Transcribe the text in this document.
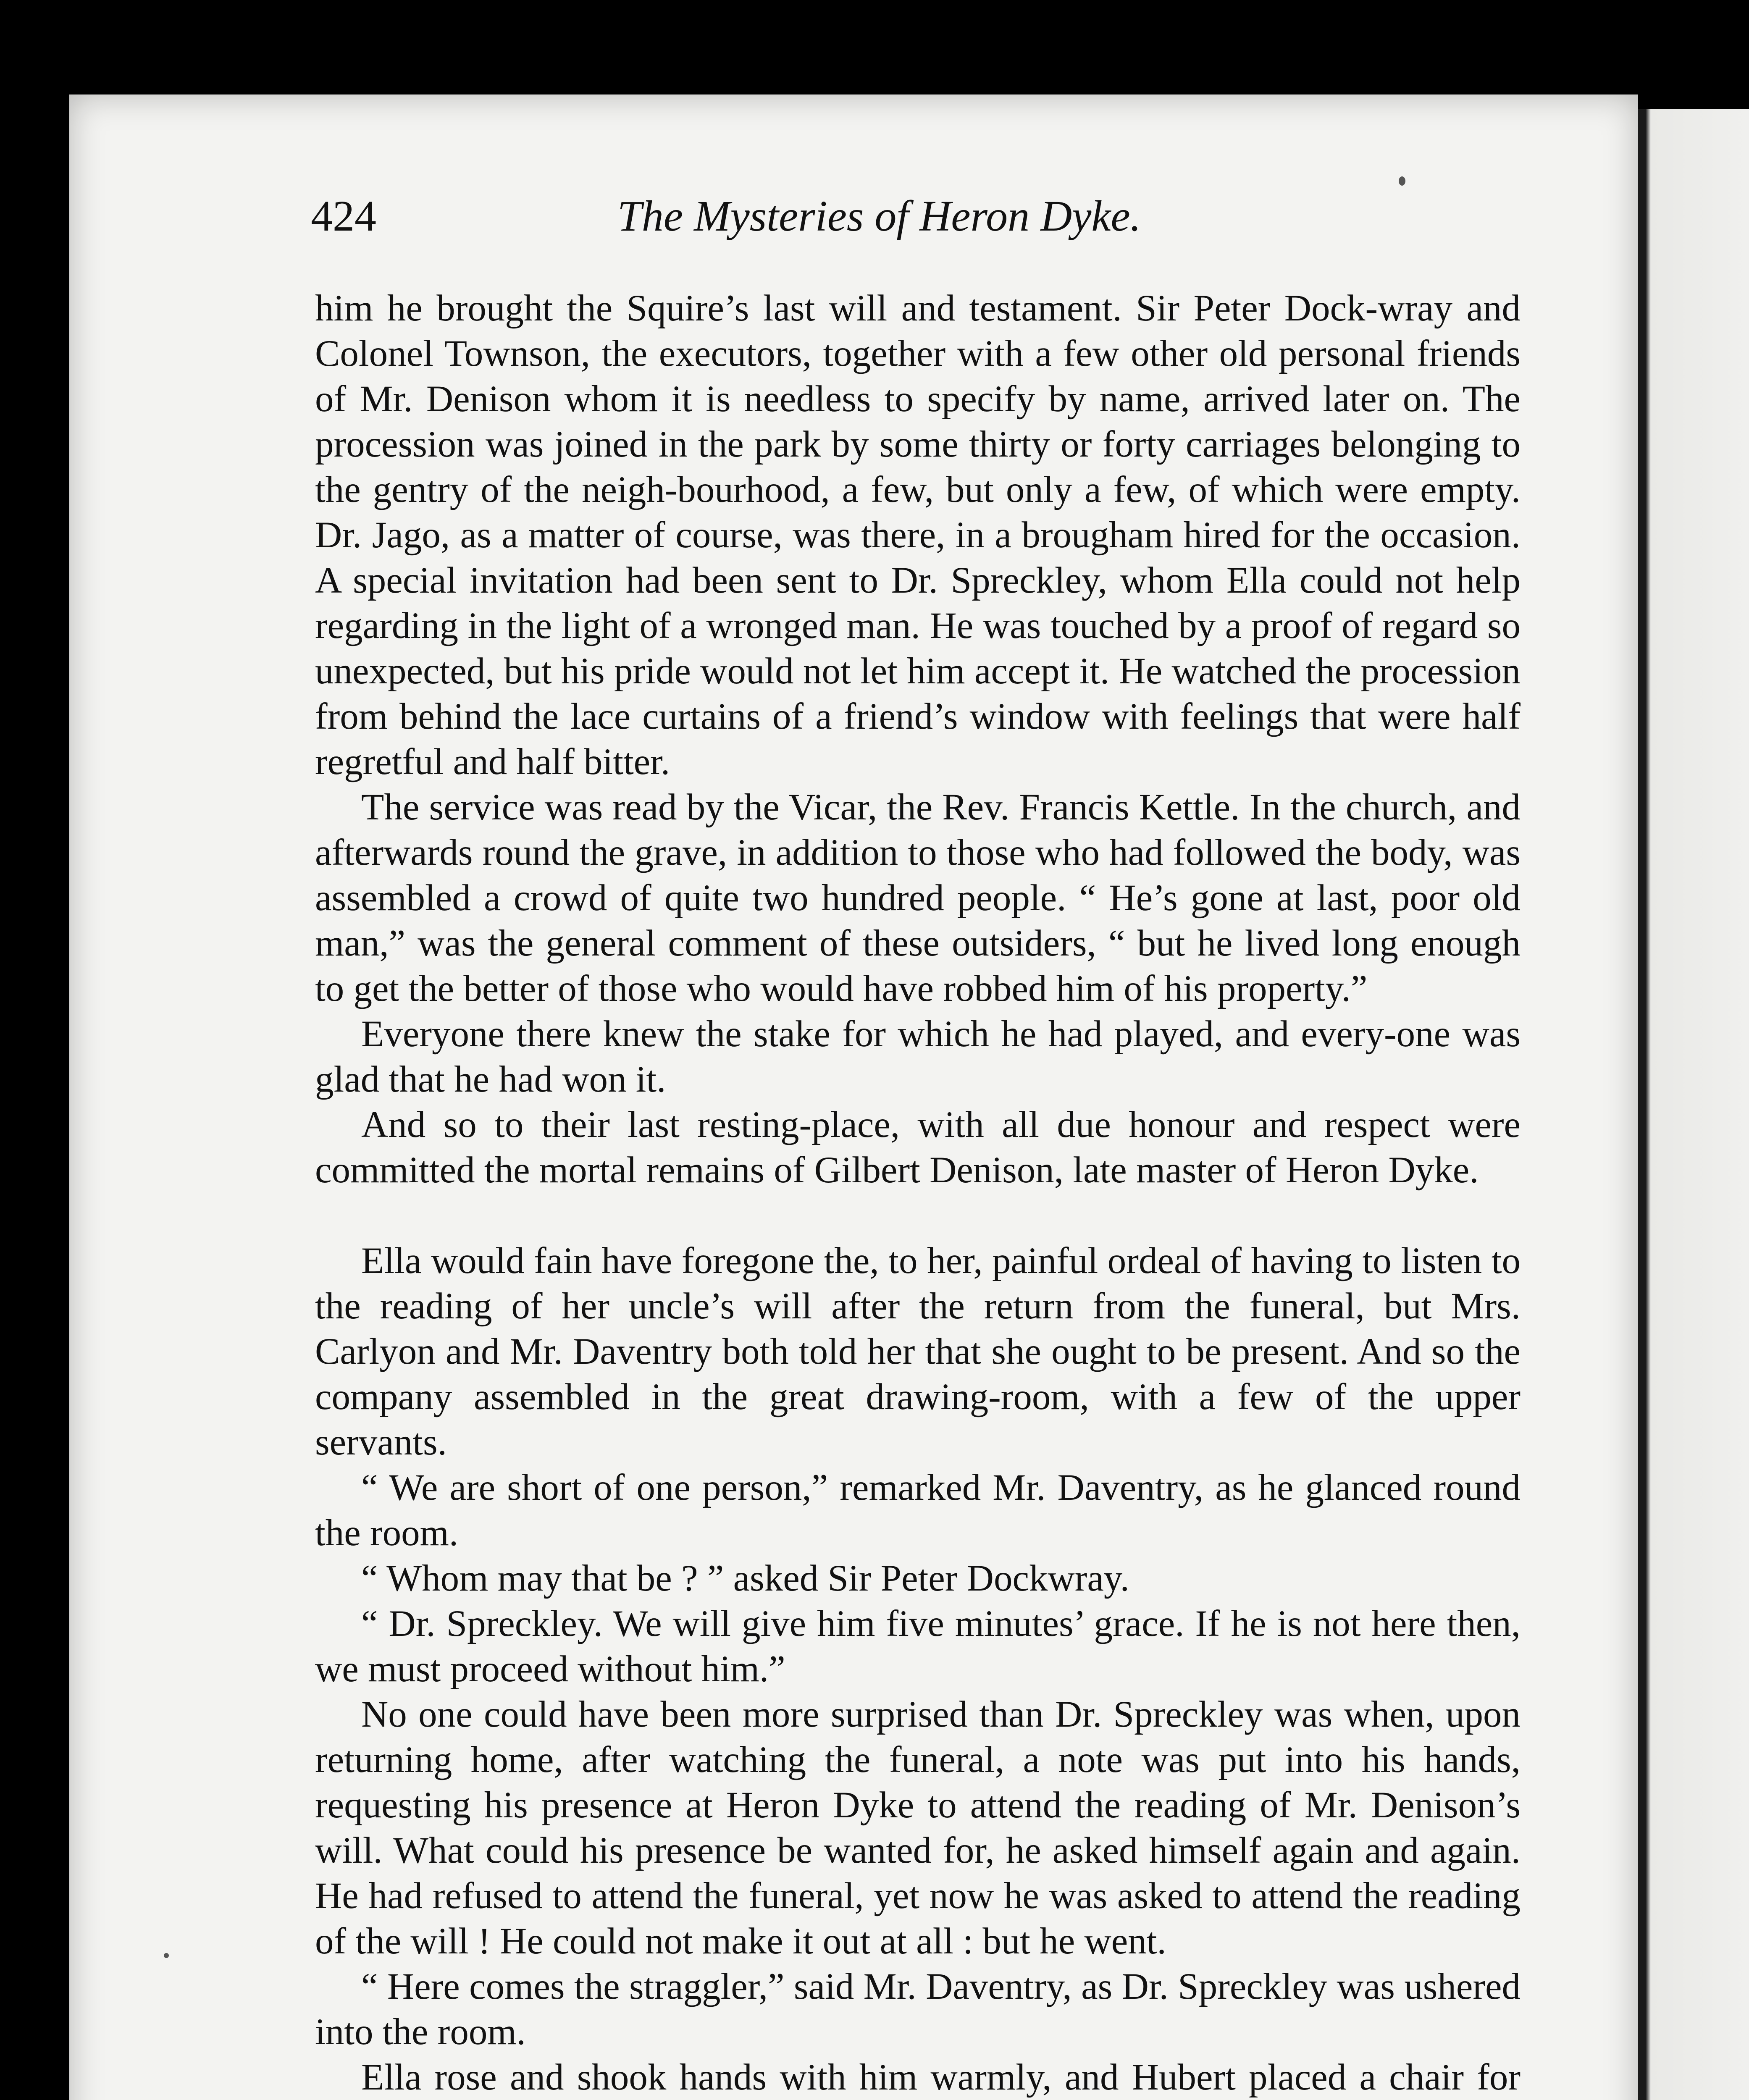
424	The Mysteries of Heron Dyke.

him he brought the Squire’s last will and testament. Sir Peter Dock-wray and Colonel Townson, the executors, together with a few other old personal friends of Mr. Denison whom it is needless to specify by name, arrived later on. The procession was joined in the park by some thirty or forty carriages belonging to the gentry of the neigh-bourhood, a few, but only a few, of which were empty. Dr. Jago, as a matter of course, was there, in a brougham hired for the occasion. A special invitation had been sent to Dr. Spreckley, whom Ella could not help regarding in the light of a wronged man. He was touched by a proof of regard so unexpected, but his pride would not let him accept it. He watched the procession from behind the lace curtains of a friend’s window with feelings that were half regretful and half bitter.

The service was read by the Vicar, the Rev. Francis Kettle. In the church, and afterwards round the grave, in addition to those who had followed the body, was assembled a crowd of quite two hundred people. “ He’s gone at last, poor old man,” was the general comment of these outsiders, “ but he lived long enough to get the better of those who would have robbed him of his property.”

Everyone there knew the stake for which he had played, and every-one was glad that he had won it.

And so to their last resting-place, with all due honour and respect were committed the mortal remains of Gilbert Denison, late master of Heron Dyke.

Ella would fain have foregone the, to her, painful ordeal of having to listen to the reading of her uncle’s will after the return from the funeral, but Mrs. Carlyon and Mr. Daventry both told her that she ought to be present. And so the company assembled in the great drawing-room, with a few of the upper servants.

“ We are short of one person,” remarked Mr. Daventry, as he glanced round the room.

“ Whom may that be ? ” asked Sir Peter Dockwray.

“ Dr. Spreckley. We will give him five minutes’ grace. If he is not here then, we must proceed without him.”

No one could have been more surprised than Dr. Spreckley was when, upon returning home, after watching the funeral, a note was put into his hands, requesting his presence at Heron Dyke to attend the reading of Mr. Denison’s will. What could his presence be wanted for, he asked himself again and again. He had refused to attend the funeral, yet now he was asked to attend the reading of the will ! He could not make it out at all : but he went.

“ Here comes the straggler,” said Mr. Daventry, as Dr. Spreckley was ushered into the room.

Ella rose and shook hands with him warmly, and Hubert placed a chair for
